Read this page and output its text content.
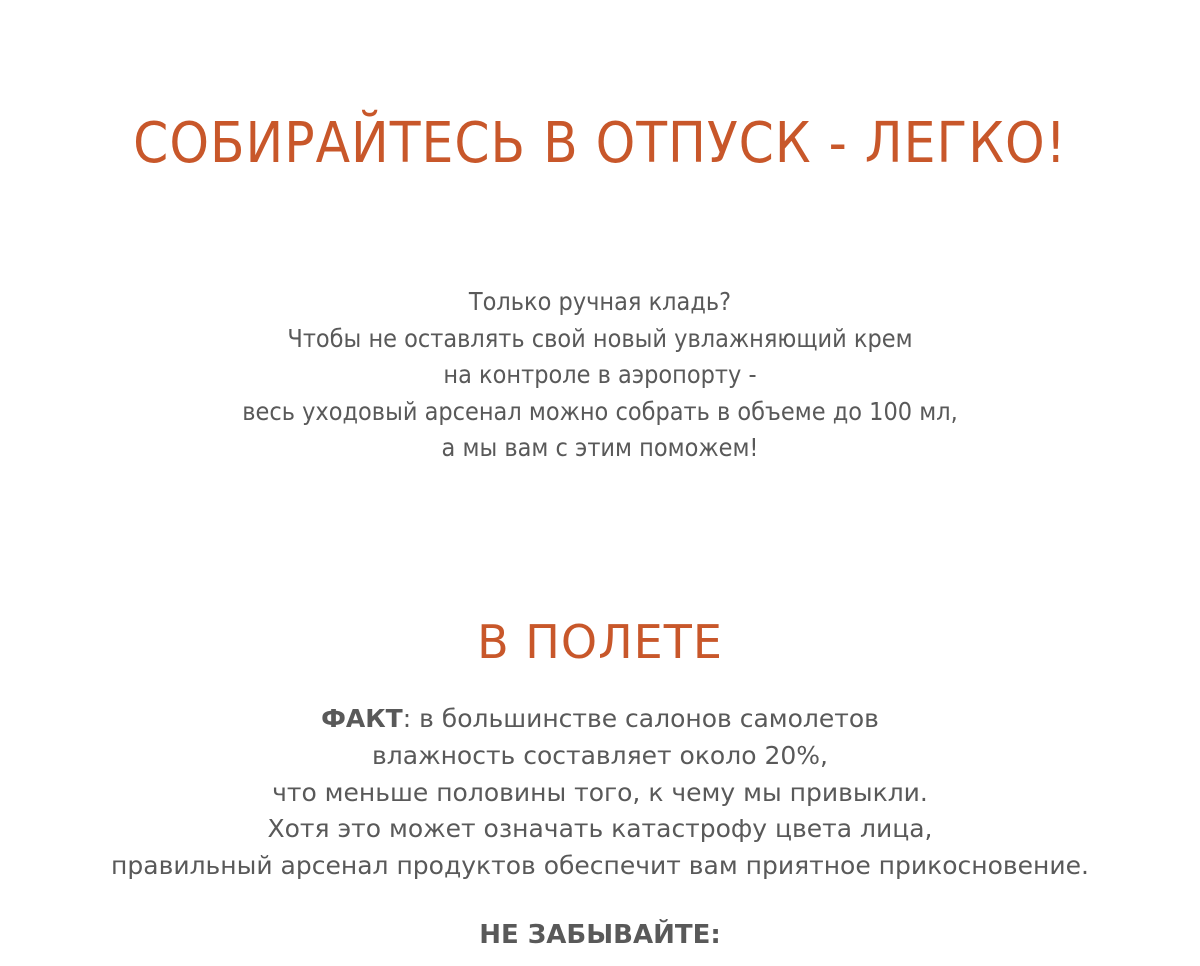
СОБИРАЙТЕСЬ В ОТПУСК - ЛЕГКО!
Только ручная кладь?
Чтобы не оставлять свой новый увлажняющий крем
на контроле в аэропорту -
весь уходовый арсенал можно собрать в объеме до 100 мл,
а мы вам с этим поможем!
В ПОЛЕТЕ
ФАКТ: в большинстве салонов самолетов
влажность составляет около 20%,
что меньше половины того, к чему мы привыкли.
Хотя это может означать катастрофу цвета лица,
правильный арсенал продуктов обеспечит вам приятное прикосновение.
НЕ ЗАБЫВАЙТЕ:
